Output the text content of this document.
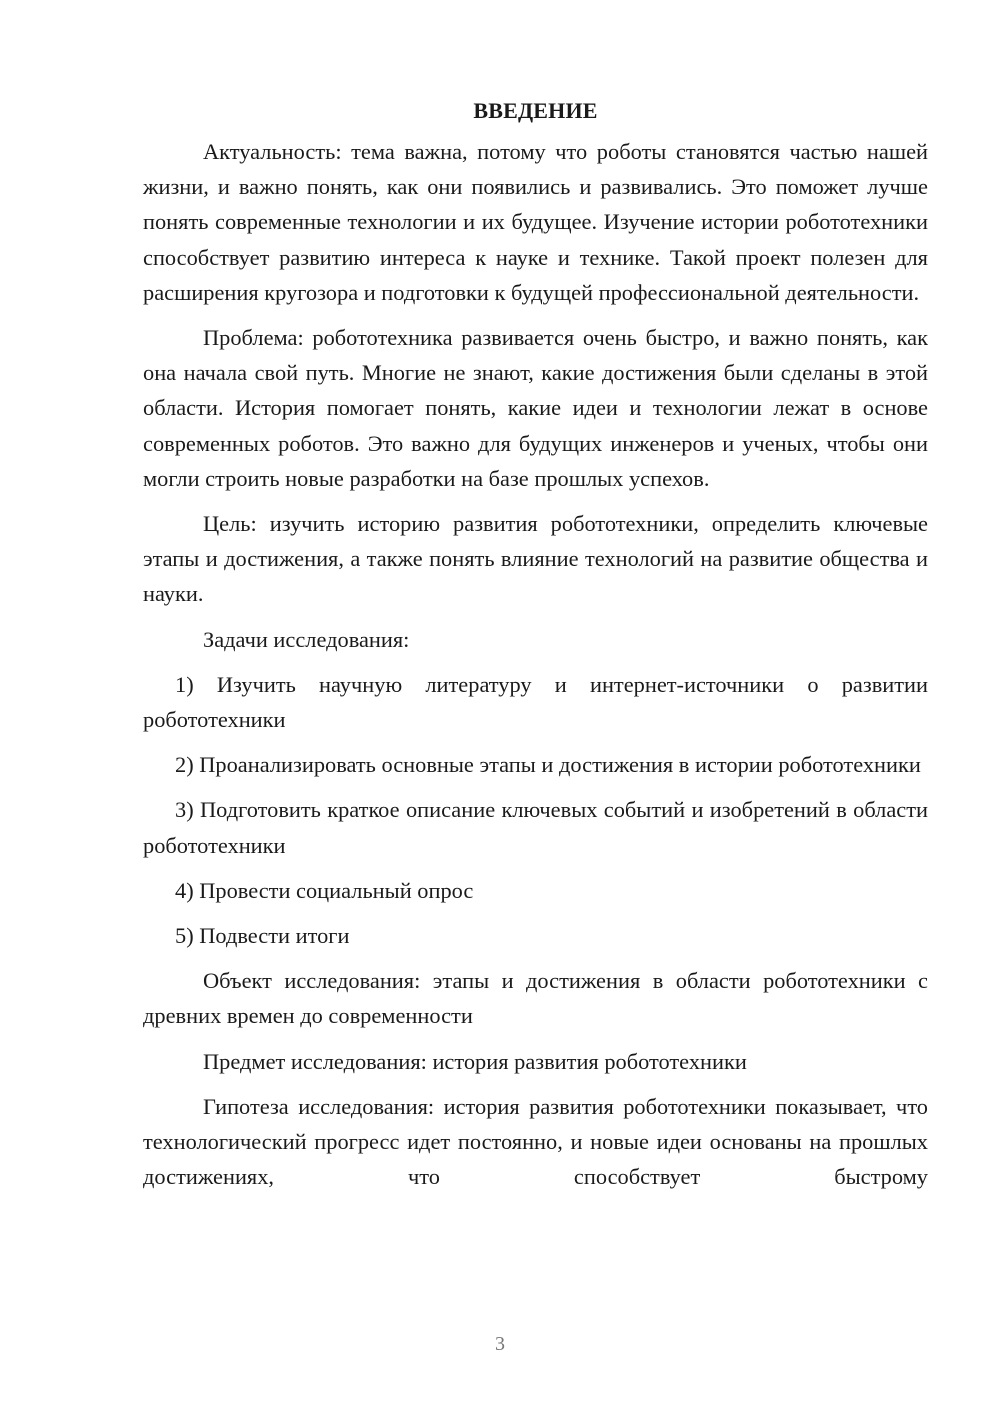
ВВЕДЕНИЕ

Актуальность: тема важна, потому что роботы становятся частью нашей жизни, и важно понять, как они появились и развивались. Это поможет лучше понять современные технологии и их будущее. Изучение истории робототехники способствует развитию интереса к науке и технике. Такой проект полезен для расширения кругозора и подготовки к будущей профессиональной деятельности.

Проблема: робототехника развивается очень быстро, и важно понять, как она начала свой путь. Многие не знают, какие достижения были сделаны в этой области. История помогает понять, какие идеи и технологии лежат в основе современных роботов. Это важно для будущих инженеров и ученых, чтобы они могли строить новые разработки на базе прошлых успехов.

Цель: изучить историю развития робототехники, определить ключевые этапы и достижения, а также понять влияние технологий на развитие общества и науки.

Задачи исследования:

1) Изучить научную литературу и интернет-источники о развитии робототехники

2) Проанализировать основные этапы и достижения в истории робототехники

3) Подготовить краткое описание ключевых событий и изобретений в области робототехники

4) Провести социальный опрос

5) Подвести итоги

Объект исследования: этапы и достижения в области робототехники с древних времен до современности

Предмет исследования: история развития робототехники

Гипотеза исследования: история развития робототехники показывает, что технологический прогресс идет постоянно, и новые идеи основаны на прошлых достижениях, что способствует быстрому

3
